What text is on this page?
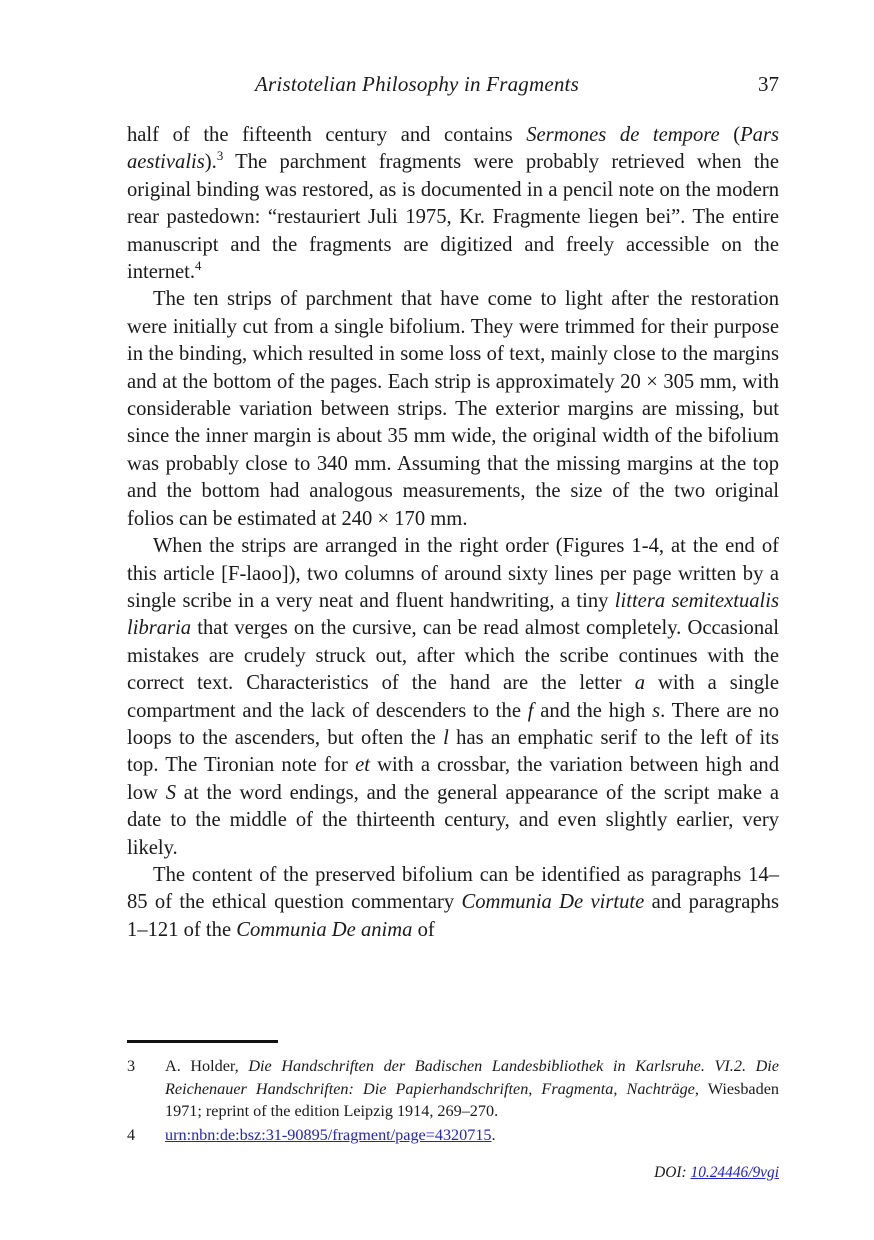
Aristotelian Philosophy in Fragments	37

half of the fifteenth century and contains Sermones de tempore (Pars aestivalis).$^3$ The parchment fragments were probably retrieved when the original binding was restored, as is documented in a pencil note on the modern rear pastedown: “restauriert Juli 1975, Kr. Fragmente liegen bei”. The entire manuscript and the fragments are digitized and freely accessible on the internet.$^4$

The ten strips of parchment that have come to light after the restoration were initially cut from a single bifolium. They were trimmed for their purpose in the binding, which resulted in some loss of text, mainly close to the margins and at the bottom of the pages. Each strip is approximately 20 × 305 mm, with considerable variation between strips. The exterior margins are missing, but since the inner margin is about 35 mm wide, the original width of the bifolium was probably close to 340 mm. Assuming that the missing margins at the top and the bottom had analogous measurements, the size of the two original folios can be estimated at 240 × 170 mm.

When the strips are arranged in the right order (Figures 1-4, at the end of this article [F-laoo]), two columns of around sixty lines per page written by a single scribe in a very neat and fluent handwriting, a tiny littera semitextualis libraria that verges on the cursive, can be read almost completely. Occasional mistakes are crudely struck out, after which the scribe continues with the correct text. Characteristics of the hand are the letter a with a single compartment and the lack of descenders to the f and the high s. There are no loops to the ascenders, but often the l has an emphatic serif to the left of its top. The Tironian note for et with a crossbar, the variation between high and low S at the word endings, and the general appearance of the script make a date to the middle of the thirteenth century, and even slightly earlier, very likely.

The content of the preserved bifolium can be identified as paragraphs 14–85 of the ethical question commentary Communia De virtute and paragraphs 1–121 of the Communia De anima of

3	A. Holder, Die Handschriften der Badischen Landesbibliothek in Karlsruhe. VI.2. Die Reichenauer Handschriften: Die Papierhandschriften, Fragmenta, Nachträge, Wiesbaden 1971; reprint of the edition Leipzig 1914, 269–270.
4	urn:nbn:de:bsz:31-90895/fragment/page=4320715.
DOI: 10.24446/9vgi
